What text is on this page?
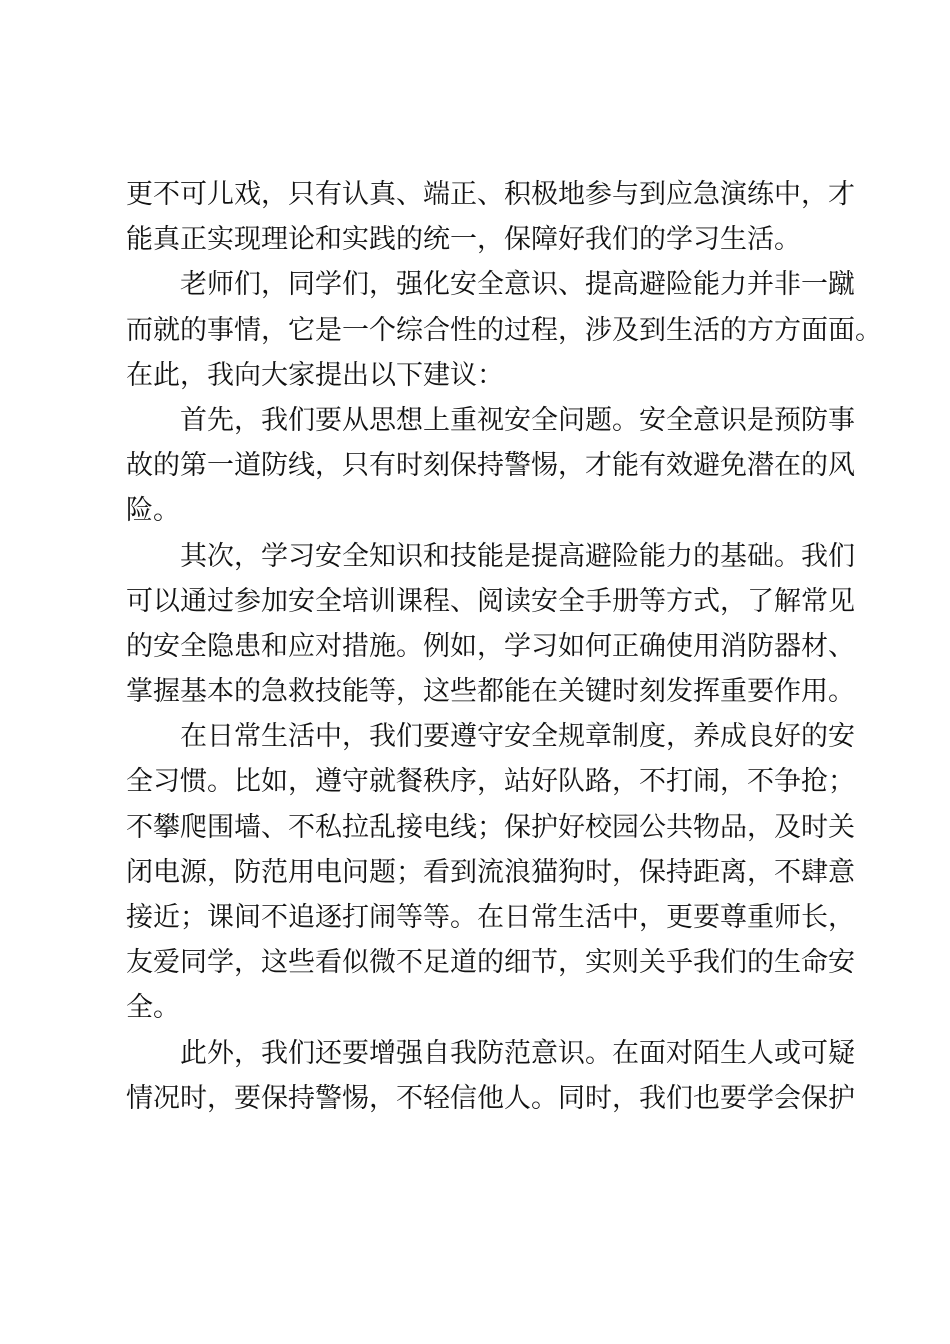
更不可儿戏，只有认真、端正、积极地参与到应急演练中，才
能真正实现理论和实践的统一，保障好我们的学习生活。
老师们，同学们，强化安全意识、提高避险能力并非一蹴
而就的事情，它是一个综合性的过程，涉及到生活的方方面面。
在此，我向大家提出以下建议：
首先，我们要从思想上重视安全问题。安全意识是预防事
故的第一道防线，只有时刻保持警惕，才能有效避免潜在的风
险。
其次，学习安全知识和技能是提高避险能力的基础。我们
可以通过参加安全培训课程、阅读安全手册等方式，了解常见
的安全隐患和应对措施。例如，学习如何正确使用消防器材、
掌握基本的急救技能等，这些都能在关键时刻发挥重要作用。
在日常生活中，我们要遵守安全规章制度，养成良好的安
全习惯。比如，遵守就餐秩序，站好队路，不打闹，不争抢；
不攀爬围墙、不私拉乱接电线；保护好校园公共物品，及时关
闭电源，防范用电问题；看到流浪猫狗时，保持距离，不肆意
接近；课间不追逐打闹等等。在日常生活中，更要尊重师长，
友爱同学，这些看似微不足道的细节，实则关乎我们的生命安
全。
此外，我们还要增强自我防范意识。在面对陌生人或可疑
情况时，要保持警惕，不轻信他人。同时，我们也要学会保护
